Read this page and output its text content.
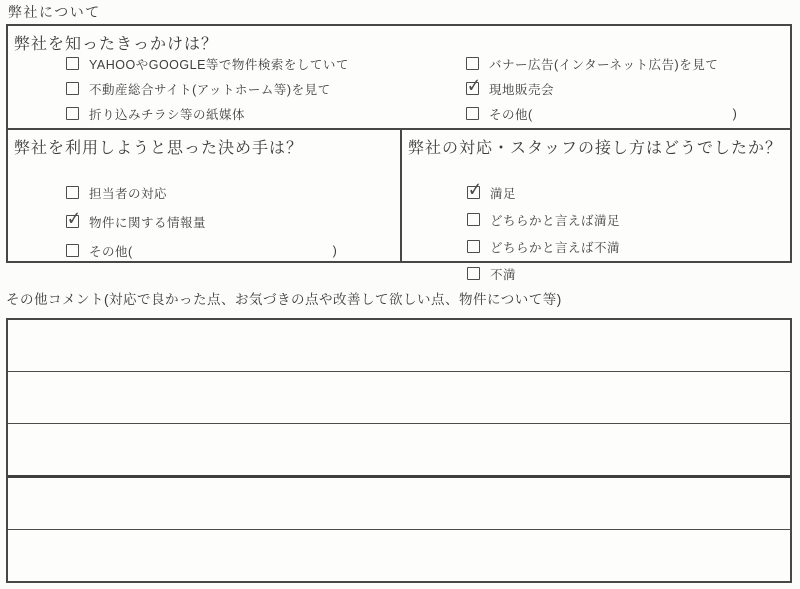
弊社について
弊社を知ったきっかけは？
YAHOOやGOOGLE等で物件検索をしていて
不動産総合サイト(アットホーム等)を見て
折り込みチラシ等の紙媒体
バナー広告(インターネット広告)を見て
✓ 現地販売会
その他(	)
弊社を利用しようと思った決め手は？
担当者の対応
✓ 物件に関する情報量
その他(	)
弊社の対応・スタッフの接し方はどうでしたか？
✓ 満足
どちらかと言えば満足
どちらかと言えば不満
不満
その他コメント(対応で良かった点、お気づきの点や改善して欲しい点、物件について等)
